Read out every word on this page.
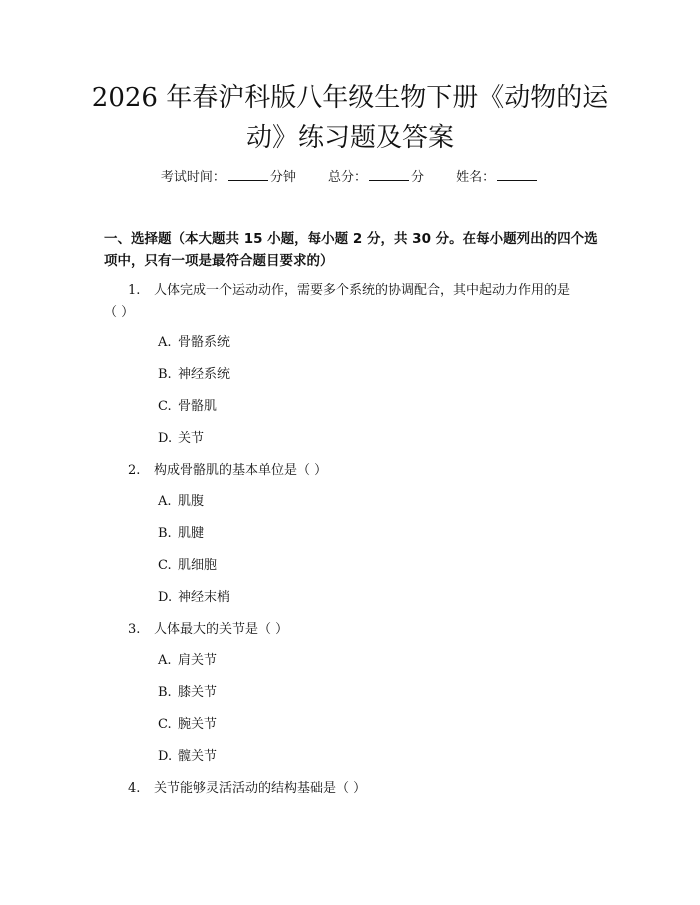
2026 年春沪科版八年级生物下册《动物的运
动》练习题及答案
考试时间：	分钟 总分：	分 姓名：
一、选择题（本大题共 15 小题，每小题 2 分，共 30 分。在每小题列出的四个选
项中，只有一项是最符合题目要求的）
1. 人体完成一个运动动作，需要多个系统的协调配合，其中起动力作用的是
（ ）
A. 骨骼系统
B. 神经系统
C. 骨骼肌
D. 关节
2. 构成骨骼肌的基本单位是（ ）
A. 肌腹
B. 肌腱
C. 肌细胞
D. 神经末梢
3. 人体最大的关节是（ ）
A. 肩关节
B. 膝关节
C. 腕关节
D. 髋关节
4. 关节能够灵活活动的结构基础是（ ）
